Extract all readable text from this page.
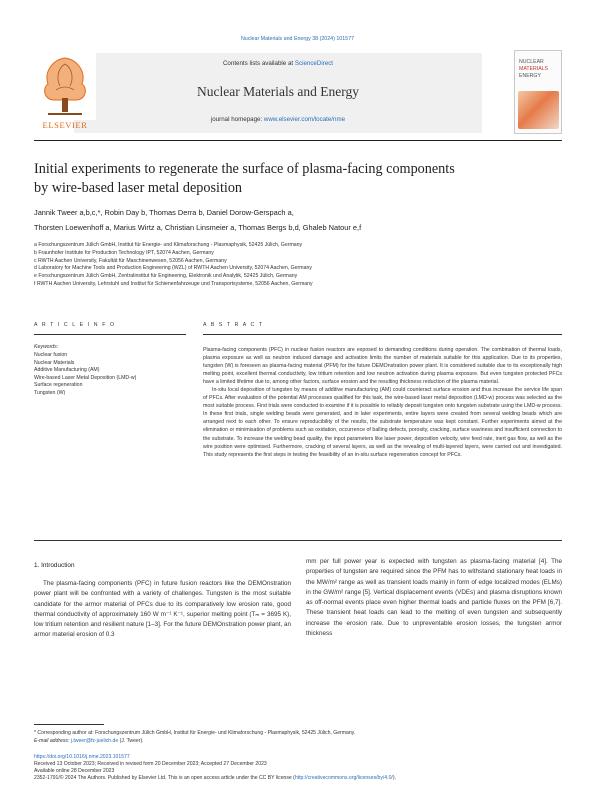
Nuclear Materials and Energy 38 (2024) 101577
ELSEVIER
Contents lists available at ScienceDirect
Nuclear Materials and Energy
journal homepage: www.elsevier.com/locate/nme
NUCLEAR
MATERIALS
ENERGY
Initial experiments to regenerate the surface of plasma-facing components
by wire-based laser metal deposition
Jannik Tweer a,b,c,*, Robin Day b, Thomas Derra b, Daniel Dorow-Gerspach a,
Thorsten Loewenhoff a, Marius Wirtz a, Christian Linsmeier a, Thomas Bergs b,d, Ghaleb Natour e,f
a Forschungszentrum Jülich GmbH, Institut für Energie- und Klimaforschung - Plasmaphysik, 52425 Jülich, Germany
b Fraunhofer Institute for Production Technology IPT, 52074 Aachen, Germany
c RWTH Aachen University, Fakultät für Maschinenwesen, 52056 Aachen, Germany
d Laboratory for Machine Tools and Production Engineering (WZL) of RWTH Aachen University, 52074 Aachen, Germany
e Forschungszentrum Jülich GmbH, Zentralinstitut für Engineering, Elektronik und Analytik, 52425 Jülich, Germany
f RWTH Aachen University, Lehrstuhl und Institut für Schienenfahrzeuge und Transportsysteme, 52056 Aachen, Germany
A R T I C L E I N F O	A B S T R A C T
Keywords:
Nuclear fusion
Nuclear Materials
Additive Manufacturing (AM)
Wire-based Laser Metal Deposition (LMD-w)
Surface regeneration
Tungsten (W)

Plasma-facing components (PFC) in nuclear fusion reactors are exposed to demanding conditions during operation. The combination of thermal loads, plasma exposure as well as neutron induced damage and activation limits the number of materials suitable for this application. Due to its properties, tungsten (W) is foreseen as plasma-facing material (PFM) for the future DEMOnstration power plant. It is considered suitable due to its exceptionally high melting point, excellent thermal conductivity, low tritium retention and low neutron activation during plasma exposure. But even tungsten protected PFCs have a limited lifetime due to, among other factors, surface erosion and the resulting thickness reduction of the plasma material.

In-situ local deposition of tungsten by means of additive manufacturing (AM) could counteract surface erosion and thus increase the service life span of PFCs. After evaluation of the potential AM processes qualified for this task, the wire-based laser metal deposition (LMD-w) process was selected as the most suitable process. First trials were conducted to examine if it is possible to reliably deposit tungsten onto tungsten substrate using the LMD-w process. In these first trials, single welding beads were generated, and in later experiments, entire layers were created from several welding beads which are arranged next to each other. To ensure reproducibility of the results, the substrate temperature was kept constant. Further experiments aimed at the elimination or minimisation of problems such as oxidation, occurrence of balling defects, porosity, cracking, surface waviness and insufficient connection to the substrate. To increase the welding bead quality, the input parameters like laser power, deposition velocity, wire feed rate, inert gas flow, as well as the wire position were optimised. Furthermore, cracking of several layers, as well as the revealing of multi-layered layers, were carried out and investigated. This study represents the first steps in testing the feasibility of an in-situ surface regeneration concept for PFCs.

1. Introduction
The plasma-facing components (PFC) in future fusion reactors like the DEMOnstration power plant will be confronted with a variety of challenges. Tungsten is the most suitable candidate for the armor material of PFCs due to its comparatively low erosion rate, good thermal conductivity of approximately 160 W m⁻¹ K⁻¹, superior melting point (Tₘ = 3695 K), low tritium retention and resilient nature [1–3]. For the future DEMOnstration power plant, an armor material erosion of 0.3
mm per full power year is expected with tungsten as plasma-facing material [4]. The properties of tungsten are required since the PFM has to withstand stationary heat loads in the MW/m² range as well as transient loads mainly in form of edge localized modes (ELMs) in the GW/m² range [5]. Vertical displacement events (VDEs) and plasma disruptions known as off-normal events place even higher thermal loads and particle fluxes on the PFM [6,7]. These transient heat loads can lead to the melting of even tungsten and subsequently increase the erosion rate. Due to unpreventable erosion losses, the tungsten armor thickness
* Corresponding author at: Forschungszentrum Jülich GmbH, Institut für Energie- und Klimaforschung - Plasmaphysik, 52425 Jülich, Germany.
E-mail address: j.tweer@fz-juelich.de (J. Tweer).
https://doi.org/10.1016/j.nme.2023.101577
Received 13 October 2023; Received in revised form 20 December 2023; Accepted 27 December 2023
Available online 28 December 2023
2352-1791/© 2024 The Authors. Published by Elsevier Ltd. This is an open access article under the CC BY license (http://creativecommons.org/licenses/by/4.0/).
